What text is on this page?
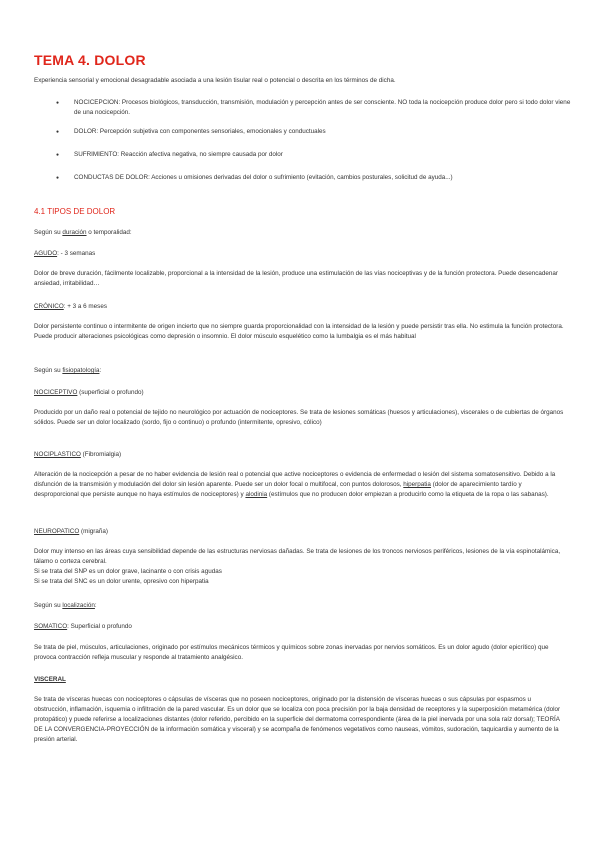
TEMA 4. DOLOR
Experiencia sensorial y emocional desagradable asociada a una lesión tisular real o potencial o descrita en los términos de dicha.
● NOCICEPCION: Procesos biológicos, transducción, transmisión, modulación y percepción antes de ser consciente. NO toda la nocicepción produce dolor pero si todo dolor viene de una nocicepción.
● DOLOR: Percepción subjetiva con componentes sensoriales, emocionales y conductuales
● SUFRIMIENTO: Reacción afectiva negativa, no siempre causada por dolor
● CONDUCTAS DE DOLOR: Acciones u omisiones derivadas del dolor o sufrimiento (evitación, cambios posturales, solicitud de ayuda...)
4.1 TIPOS DE DOLOR
Según su duración o temporalidad:
AGUDO: - 3 semanas
Dolor de breve duración, fácilmente localizable, proporcional a la intensidad de la lesión, produce una estimulación de las vías nociceptivas y de la función protectora. Puede desencadenar ansiedad, irritabilidad…
CRÓNICO: + 3 a 6 meses
Dolor persistente continuo o intermitente de origen incierto que no siempre guarda proporcionalidad con la intensidad de la lesión y puede persistir tras ella. No estimula la función protectora. Puede producir alteraciones psicológicas como depresión o insomnio. El dolor músculo esquelético como la lumbalgia es el más habitual
Según su fisiopatología:
NOCICEPTIVO (superficial o profundo)
Producido por un daño real o potencial de tejido no neurológico por actuación de nociceptores. Se trata de lesiones somáticas (huesos y articulaciones), viscerales o de cubiertas de órganos sólidos. Puede ser un dolor localizado (sordo, fijo o continuo) o profundo (intermitente, opresivo, cólico)
NOCIPLASTICO (Fibromialgia)
Alteración de la nocicepción a pesar de no haber evidencia de lesión real o potencial que active nociceptores o evidencia de enfermedad o lesión del sistema somatosensitivo. Debido a la disfunción de la transmisión y modulación del dolor sin lesión aparente. Puede ser un dolor focal o multifocal, con puntos dolorosos, hiperpatia (dolor de aparecimiento tardío y desproporcional que persiste aunque no haya estímulos de nociceptores) y alodinia (estímulos que no producen dolor empiezan a producirlo como la etiqueta de la ropa o las sabanas).
NEUROPATICO (migraña)
Dolor muy intenso en las áreas cuya sensibilidad depende de las estructuras nerviosas dañadas. Se trata de lesiones de los troncos nerviosos periféricos, lesiones de la vía espinotalámica, tálamo o corteza cerebral.
Si se trata del SNP es un dolor grave, lacinante o con crisis agudas
Si se trata del SNC es un dolor urente, opresivo con hiperpatia
Según su localización:
SOMATICO: Superficial o profundo
Se trata de piel, músculos, articulaciones, originado por estímulos mecánicos térmicos y químicos sobre zonas inervadas por nervios somáticos. Es un dolor agudo (dolor epicrítico) que provoca contracción refleja muscular y responde al tratamiento analgésico.
VISCERAL
Se trata de vísceras huecas con nociceptores o cápsulas de vísceras que no poseen nociceptores, originado por la distensión de vísceras huecas o sus cápsulas por espasmos u obstrucción, inflamación, isquemia o infiltración de la pared vascular. Es un dolor que se localiza con poca precisión por la baja densidad de receptores y la superposición metamérica (dolor protopático) y puede referirse a localizaciones distantes (dolor referido, percibido en la superficie del dermatoma correspondiente (área de la piel inervada por una sola raíz dorsal); TEORÍA DE LA CONVERGENCIA-PROYECCIÓN de la información somática y visceral) y se acompaña de fenómenos vegetativos como nauseas, vómitos, sudoración, taquicardia y aumento de la presión arterial.
